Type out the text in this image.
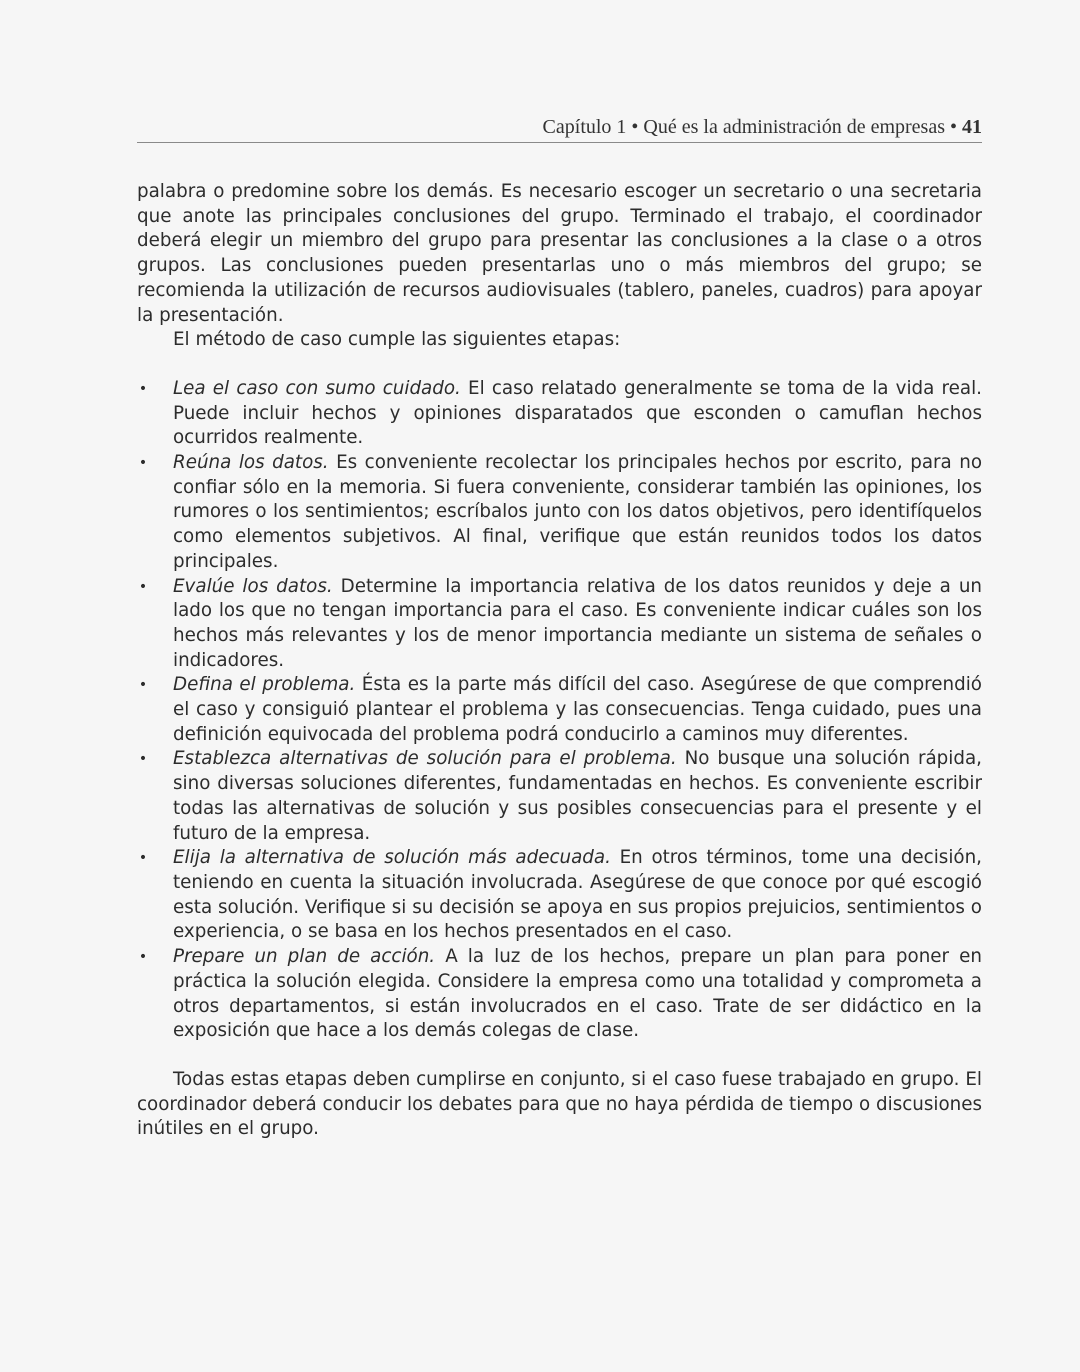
Capítulo 1 • Qué es la administración de empresas • 41

palabra o predomine sobre los demás. Es necesario escoger un secretario o una secretaria que anote las principales conclusiones del grupo. Terminado el trabajo, el coordinador deberá elegir un miembro del grupo para presentar las conclusiones a la clase o a otros grupos. Las conclusiones pueden presentarlas uno o más miembros del grupo; se recomienda la utilización de recursos audiovisuales (tablero, paneles, cuadros) para apoyar la presentación.

El método de caso cumple las siguientes etapas:

• Lea el caso con sumo cuidado. El caso relatado generalmente se toma de la vida real. Puede incluir hechos y opiniones disparatados que esconden o camuflan hechos ocurridos realmente.
• Reúna los datos. Es conveniente recolectar los principales hechos por escrito, para no confiar sólo en la memoria. Si fuera conveniente, considerar también las opiniones, los rumores o los sentimientos; escríbalos junto con los datos objetivos, pero identifíquelos como elementos subjetivos. Al final, verifique que están reunidos todos los datos principales.
• Evalúe los datos. Determine la importancia relativa de los datos reunidos y deje a un lado los que no tengan importancia para el caso. Es conveniente indicar cuáles son los hechos más relevantes y los de menor importancia mediante un sistema de señales o indicadores.
• Defina el problema. Ésta es la parte más difícil del caso. Asegúrese de que comprendió el caso y consiguió plantear el problema y las consecuencias. Tenga cuidado, pues una definición equivocada del problema podrá conducirlo a caminos muy diferentes.
• Establezca alternativas de solución para el problema. No busque una solución rápida, sino diversas soluciones diferentes, fundamentadas en hechos. Es conveniente escribir todas las alternativas de solución y sus posibles consecuencias para el presente y el futuro de la empresa.
• Elija la alternativa de solución más adecuada. En otros términos, tome una decisión, teniendo en cuenta la situación involucrada. Asegúrese de que conoce por qué escogió esta solución. Verifique si su decisión se apoya en sus propios prejuicios, sentimientos o experiencia, o se basa en los hechos presentados en el caso.
• Prepare un plan de acción. A la luz de los hechos, prepare un plan para poner en práctica la solución elegida. Considere la empresa como una totalidad y comprometa a otros departamentos, si están involucrados en el caso. Trate de ser didáctico en la exposición que hace a los demás colegas de clase.

Todas estas etapas deben cumplirse en conjunto, si el caso fuese trabajado en grupo. El coordinador deberá conducir los debates para que no haya pérdida de tiempo o discusiones inútiles en el grupo.
